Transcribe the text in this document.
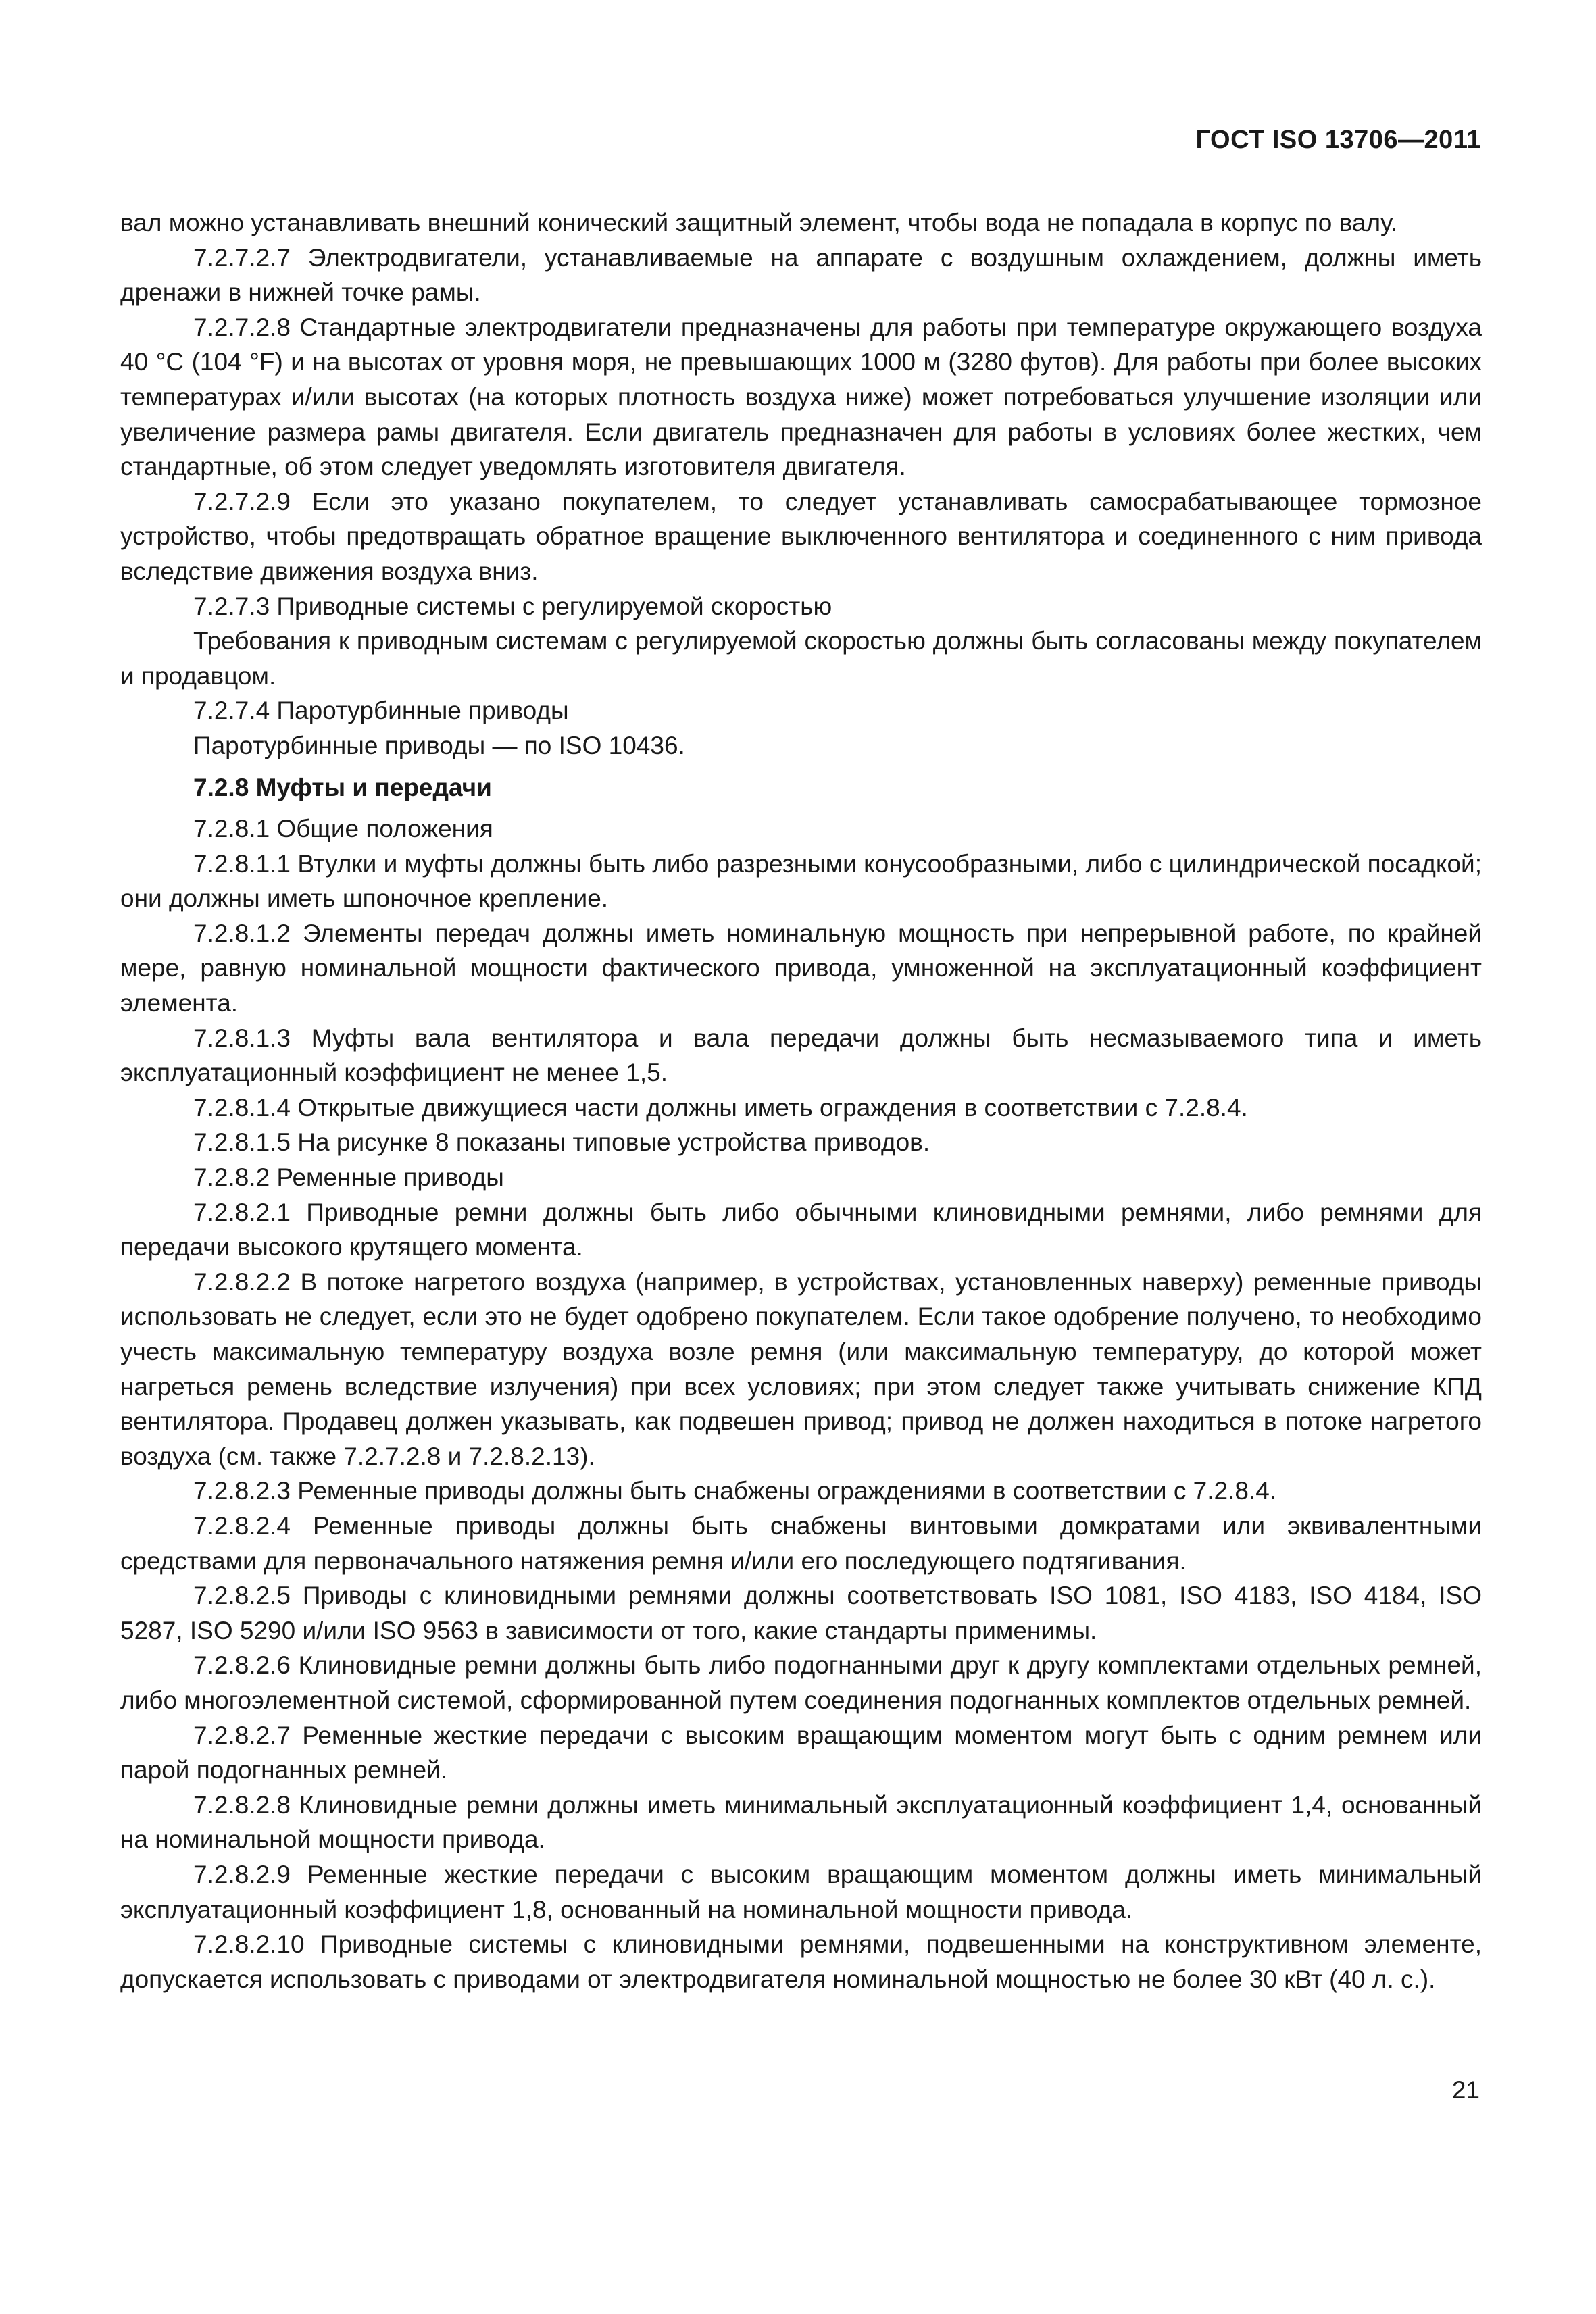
ГОСТ ISO 13706—2011

вал можно устанавливать внешний конический защитный элемент, чтобы вода не попадала в корпус по валу.

7.2.7.2.7 Электродвигатели, устанавливаемые на аппарате с воздушным охлаждением, должны иметь дренажи в нижней точке рамы.

7.2.7.2.8 Стандартные электродвигатели предназначены для работы при температуре окружающего воздуха 40 °C (104 °F) и на высотах от уровня моря, не превышающих 1000 м (3280 футов). Для работы при более высоких температурах и/или высотах (на которых плотность воздуха ниже) может потребоваться улучшение изоляции или увеличение размера рамы двигателя. Если двигатель предназначен для работы в условиях более жестких, чем стандартные, об этом следует уведомлять изготовителя двигателя.

7.2.7.2.9 Если это указано покупателем, то следует устанавливать самосрабатывающее тормозное устройство, чтобы предотвращать обратное вращение выключенного вентилятора и соединенного с ним привода вследствие движения воздуха вниз.

7.2.7.3 Приводные системы с регулируемой скоростью

Требования к приводным системам с регулируемой скоростью должны быть согласованы между покупателем и продавцом.

7.2.7.4 Паротурбинные приводы

Паротурбинные приводы — по ISO 10436.

7.2.8 Муфты и передачи

7.2.8.1 Общие положения

7.2.8.1.1 Втулки и муфты должны быть либо разрезными конусообразными, либо с цилиндрической посадкой; они должны иметь шпоночное крепление.

7.2.8.1.2 Элементы передач должны иметь номинальную мощность при непрерывной работе, по крайней мере, равную номинальной мощности фактического привода, умноженной на эксплуатационный коэффициент элемента.

7.2.8.1.3 Муфты вала вентилятора и вала передачи должны быть несмазываемого типа и иметь эксплуатационный коэффициент не менее 1,5.

7.2.8.1.4 Открытые движущиеся части должны иметь ограждения в соответствии с 7.2.8.4.

7.2.8.1.5 На рисунке 8 показаны типовые устройства приводов.

7.2.8.2 Ременные приводы

7.2.8.2.1 Приводные ремни должны быть либо обычными клиновидными ремнями, либо ремнями для передачи высокого крутящего момента.

7.2.8.2.2 В потоке нагретого воздуха (например, в устройствах, установленных наверху) ременные приводы использовать не следует, если это не будет одобрено покупателем. Если такое одобрение получено, то необходимо учесть максимальную температуру воздуха возле ремня (или максимальную температуру, до которой может нагреться ремень вследствие излучения) при всех условиях; при этом следует также учитывать снижение КПД вентилятора. Продавец должен указывать, как подвешен привод; привод не должен находиться в потоке нагретого воздуха (см. также 7.2.7.2.8 и 7.2.8.2.13).

7.2.8.2.3 Ременные приводы должны быть снабжены ограждениями в соответствии с 7.2.8.4.

7.2.8.2.4 Ременные приводы должны быть снабжены винтовыми домкратами или эквивалентными средствами для первоначального натяжения ремня и/или его последующего подтягивания.

7.2.8.2.5 Приводы с клиновидными ремнями должны соответствовать ISO 1081, ISO 4183, ISO 4184, ISO 5287, ISO 5290 и/или ISO 9563 в зависимости от того, какие стандарты применимы.

7.2.8.2.6 Клиновидные ремни должны быть либо подогнанными друг к другу комплектами отдельных ремней, либо многоэлементной системой, сформированной путем соединения подогнанных комплектов отдельных ремней.

7.2.8.2.7 Ременные жесткие передачи с высоким вращающим моментом могут быть с одним ремнем или парой подогнанных ремней.

7.2.8.2.8 Клиновидные ремни должны иметь минимальный эксплуатационный коэффициент 1,4, основанный на номинальной мощности привода.

7.2.8.2.9 Ременные жесткие передачи с высоким вращающим моментом должны иметь минимальный эксплуатационный коэффициент 1,8, основанный на номинальной мощности привода.

7.2.8.2.10 Приводные системы с клиновидными ремнями, подвешенными на конструктивном элементе, допускается использовать с приводами от электродвигателя номинальной мощностью не более 30 кВт (40 л. с.).

21
